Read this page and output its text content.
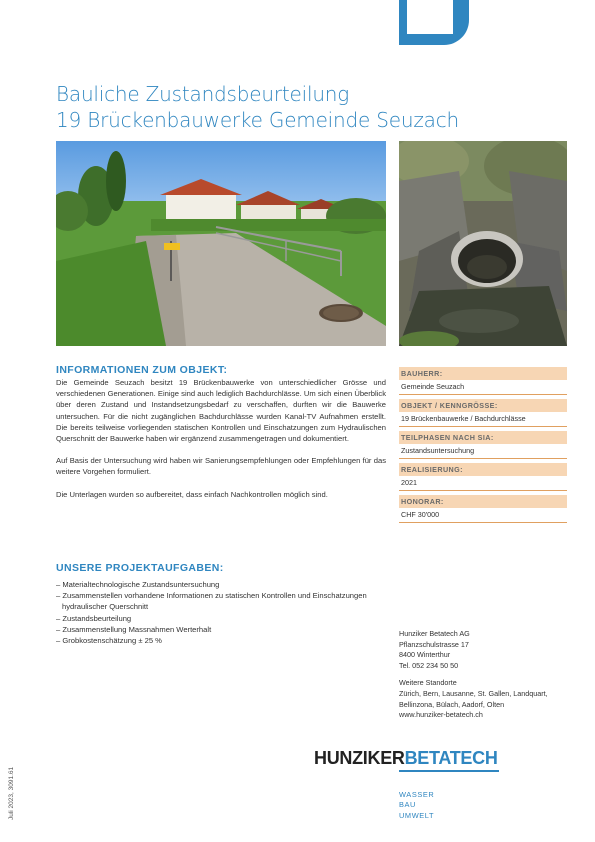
Bauliche Zustandsbeurteilung
19 Brückenbauwerke Gemeinde Seuzach
INFORMATIONEN ZUM OBJEKT:

Die Gemeinde Seuzach besitzt 19 Brückenbauwerke von unterschiedlicher Grösse und verschiedenen Generationen. Einige sind auch lediglich Bachdurchlässe. Um sich einen Überblick über deren Zustand und Instandsetzungsbedarf zu verschaffen, durften wir die Bauwerke untersuchen. Für die nicht zugänglichen Bachdurchlässe wurden Kanal-TV Aufnahmen erstellt. Die bereits teilweise vorliegenden statischen Kontrollen und Einschatzungen zum Hydraulischen Querschnitt der Bauwerke haben wir ergänzend zusammengetragen und dokumentiert.

Auf Basis der Untersuchung wird haben wir Sanierungsempfehlungen oder Empfehlungen für das weitere Vorgehen formuliert.

Die Unterlagen wurden so aufbereitet, dass einfach Nachkontrollen möglich sind.

UNSERE PROJEKTAUFGABEN:
– Materialtechnologische Zustandsuntersuchung
– Zusammenstellen vorhandene Informationen zu statischen Kontrollen und Einschatzungen hydraulischer Querschnitt
– Zustandsbeurteilung
– Zusammenstellung Massnahmen Werterhalt
– Grobkostenschätzung ± 25 %
BAUHERR:
Gemeinde Seuzach
OBJEKT / KENNGRÖSSE:
19 Brückenbauwerke / Bachdurchlässe
TEILPHASEN NACH SIA:
Zustandsuntersuchung
REALISIERUNG:
2021
HONORAR:
CHF 30'000
Hunziker Betatech AG
Pflanzschulstrasse 17
8400 Winterthur
Tel. 052 234 50 50
Weitere Standorte
Zürich, Bern, Lausanne, St. Gallen, Landquart,
Bellinzona, Bülach, Aadorf, Olten
www.hunziker-betatech.ch
HUNZIKERBETATECH
WASSER
BAU
UMWELT
Juli 2023, 3091.61
